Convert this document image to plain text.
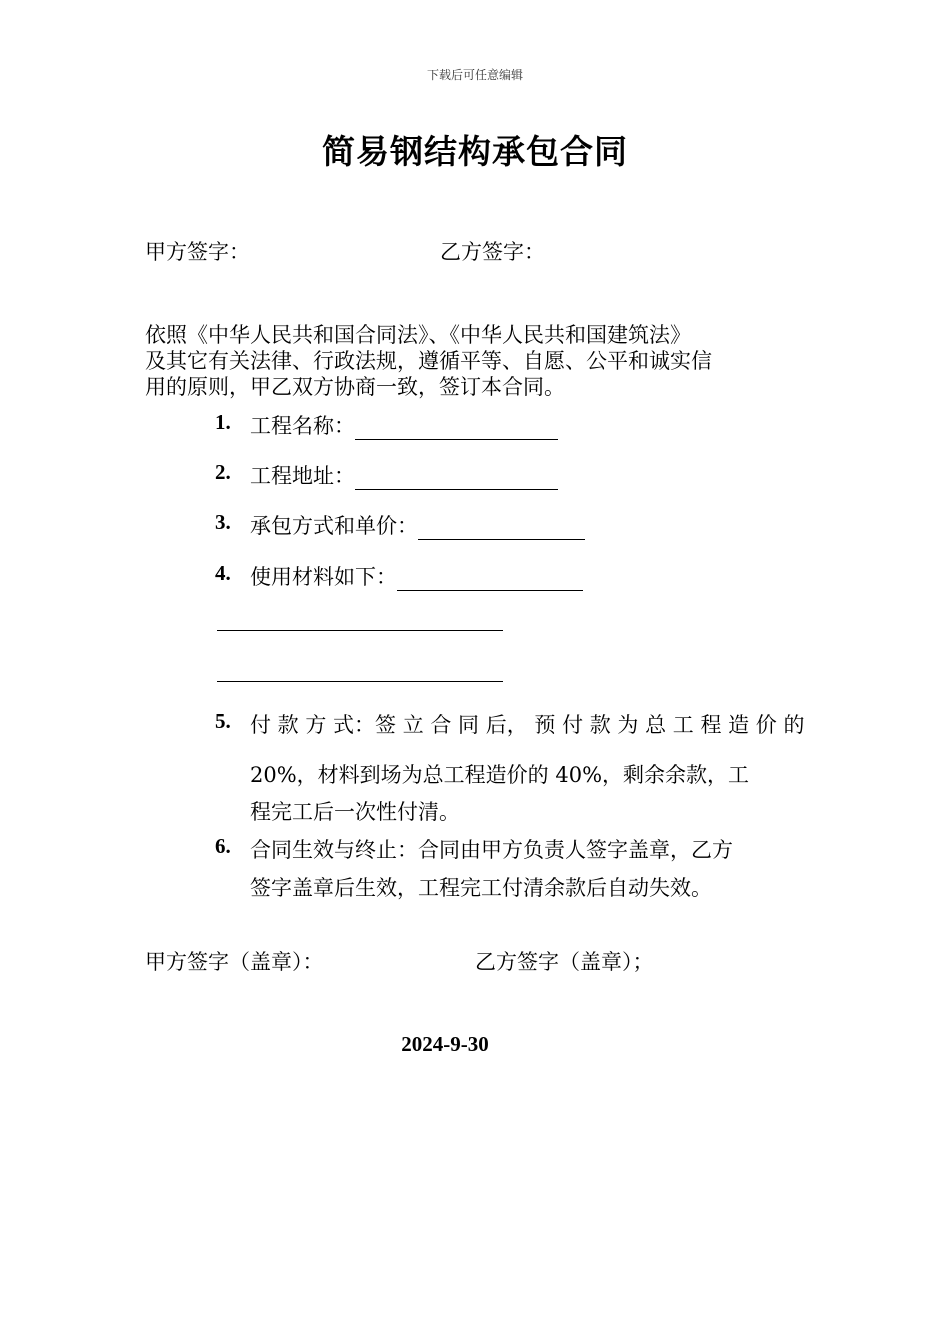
下载后可任意编辑
简易钢结构承包合同
甲方签字：	乙方签字：
依照《中华人民共和国合同法》、《中华人民共和国建筑法》
及其它有关法律、行政法规，遵循平等、自愿、公平和诚实信
用的原则，甲乙双方协商一致，签订本合同。
1. 工程名称：
2. 工程地址：
3. 承包方式和单价：
4. 使用材料如下：
5. 付 款 方 式：签 立 合 同 后， 预 付 款 为 总 工 程 造 价 的
20%，材料到场为总工程造价的 40%，剩余余款，工
程完工后一次性付清。
6. 合同生效与终止：合同由甲方负责人签字盖章，乙方
签字盖章后生效，工程完工付清余款后自动失效。
甲方签字（盖章）：	乙方签字（盖章）；
2024-9-30
